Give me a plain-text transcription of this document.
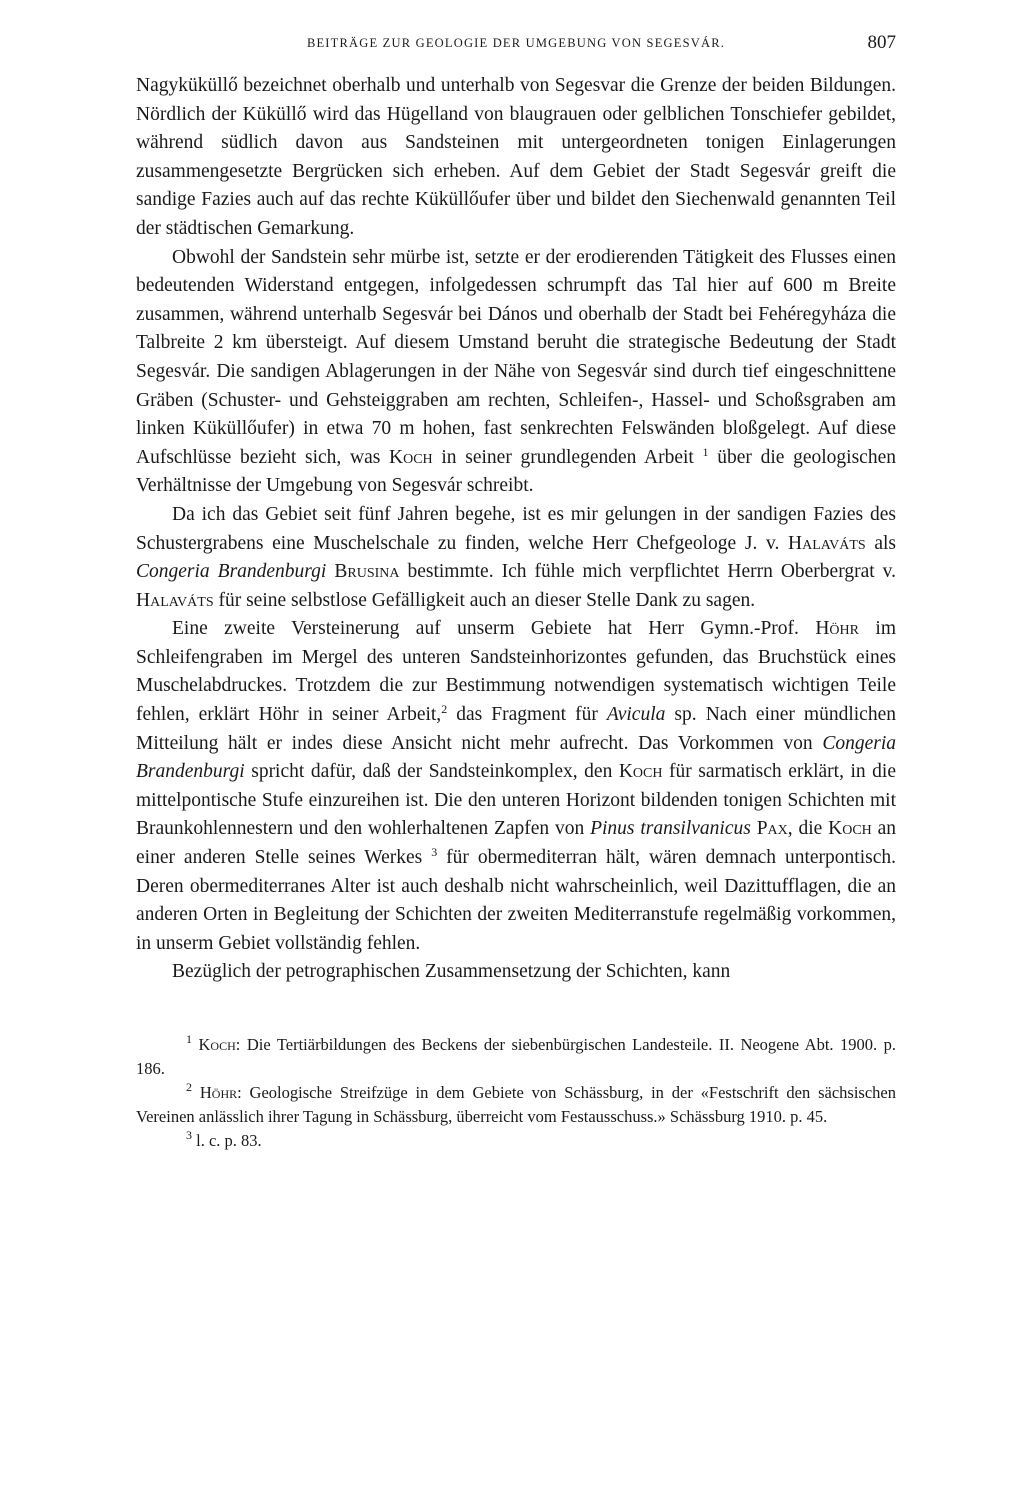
BEITRÄGE ZUR GEOLOGIE DER UMGEBUNG VON SEGESVÁR.	807

Nagyküküllő bezeichnet oberhalb und unterhalb von Segesvar die Grenze der beiden Bildungen. Nördlich der Küküllő wird das Hügelland von blaugrauen oder gelblichen Tonschiefer gebildet, während südlich davon aus Sandsteinen mit untergeordneten tonigen Einlagerungen zusammengesetzte Bergrücken sich erheben. Auf dem Gebiet der Stadt Segesvár greift die sandige Fazies auch auf das rechte Küküllőufer über und bildet den Siechenwald genannten Teil der städtischen Gemarkung.

Obwohl der Sandstein sehr mürbe ist, setzte er der erodierenden Tätigkeit des Flusses einen bedeutenden Widerstand entgegen, infolgedessen schrumpft das Tal hier auf 600 m Breite zusammen, während unterhalb Segesvár bei Dános und oberhalb der Stadt bei Fehéregyháza die Talbreite 2 km übersteigt. Auf diesem Umstand beruht die strategische Bedeutung der Stadt Segesvár. Die sandigen Ablagerungen in der Nähe von Segesvár sind durch tief eingeschnittene Gräben (Schuster- und Gehsteiggraben am rechten, Schleifen-, Hassel- und Schoßsgraben am linken Küküllőufer) in etwa 70 m hohen, fast senkrechten Felswänden bloßgelegt. Auf diese Aufschlüsse bezieht sich, was Koch in seiner grundlegenden Arbeit $^1$ über die geologischen Verhältnisse der Umgebung von Segesvár schreibt.

Da ich das Gebiet seit fünf Jahren begehe, ist es mir gelungen in der sandigen Fazies des Schustergrabens eine Muschelschale zu finden, welche Herr Chefgeologe J. v. Halaváts als Congeria Brandenburgi Brusina bestimmte. Ich fühle mich verpflichtet Herrn Oberbergrat v. Halaváts für seine selbstlose Gefälligkeit auch an dieser Stelle Dank zu sagen.

Eine zweite Versteinerung auf unserm Gebiete hat Herr Gymn.-Prof. Höhr im Schleifengraben im Mergel des unteren Sandsteinhorizontes gefunden, das Bruchstück eines Muschelabdruckes. Trotzdem die zur Bestimmung notwendigen systematisch wichtigen Teile fehlen, erklärt Höhr in seiner Arbeit,$^2$ das Fragment für Avicula sp. Nach einer mündlichen Mitteilung hält er indes diese Ansicht nicht mehr aufrecht. Das Vorkommen von Congeria Brandenburgi spricht dafür, daß der Sandsteinkomplex, den Koch für sarmatisch erklärt, in die mittelpontische Stufe einzureihen ist. Die den unteren Horizont bildenden tonigen Schichten mit Braunkohlennestern und den wohlerhaltenen Zapfen von Pinus transilvanicus Pax, die Koch an einer anderen Stelle seines Werkes $^3$ für obermediterran hält, wären demnach unterpontisch. Deren obermediterranes Alter ist auch deshalb nicht wahrscheinlich, weil Dazittufflagen, die an anderen Orten in Begleitung der Schichten der zweiten Mediterranstufe regelmäßig vorkommen, in unserm Gebiet vollständig fehlen.

Bezüglich der petrographischen Zusammensetzung der Schichten, kann

$^1$ Koch: Die Tertiärbildungen des Beckens der siebenbürgischen Landesteile. II. Neogene Abt. 1900. p. 186.

$^2$ Höhr: Geologische Streifzüge in dem Gebiete von Schässburg, in der «Festschrift den sächsischen Vereinen anlässlich ihrer Tagung in Schässburg, überreicht vom Festausschuss.» Schässburg 1910. p. 45.

$^3$ l. c. p. 83.
